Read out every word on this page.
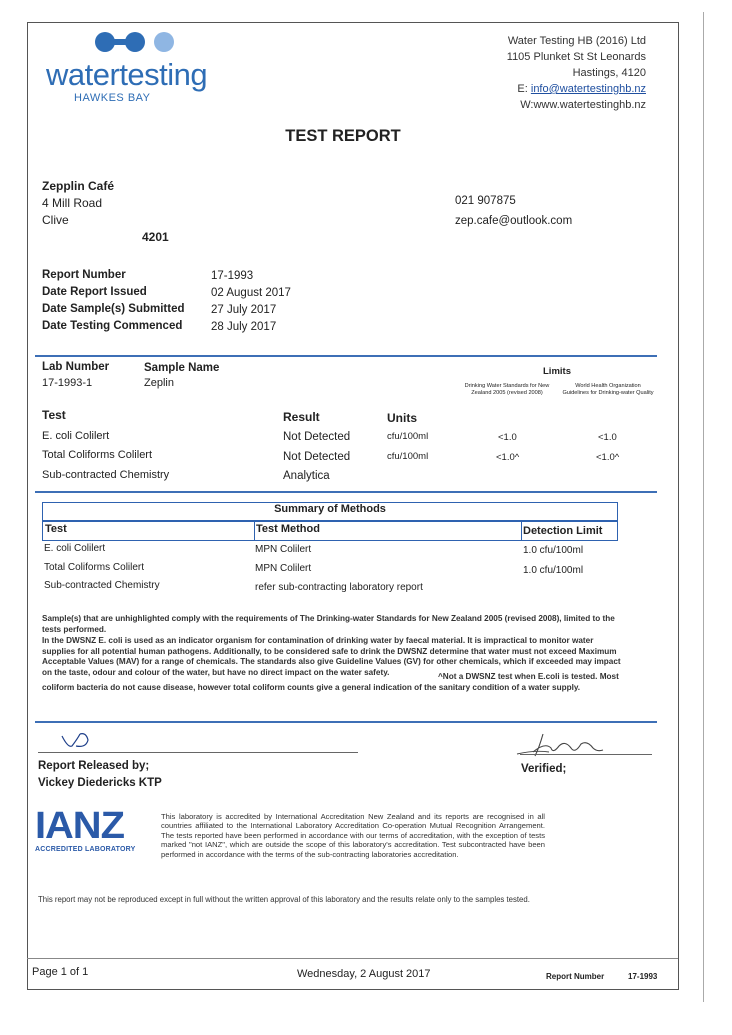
watertesting
HAWKES BAY
Water Testing HB (2016) Ltd
1105 Plunket St St Leonards
Hastings, 4120
E: info@watertestinghb.nz
W:www.watertestinghb.nz
TEST REPORT
Zepplin Café
4 Mill Road
Clive
4201
021 907875
zep.cafe@outlook.com
Report Number	17-1993
Date Report Issued	02 August 2017
Date Sample(s) Submitted 27 July 2017
Date Testing Commenced 28 July 2017
Lab Number
17-1993-1
Sample Name
Zeplin
Limits
Drinking Water Standards for New Zealand 2005 (revised 2008)
World Health Organization Guidelines for Drinking-water Quality
Test	Result	Units
E. coli Colilert	Not Detected	cfu/100ml	<1.0	<1.0
Total Coliforms Colilert	Not Detected	cfu/100ml	<1.0^	<1.0^
Sub-contracted Chemistry	Analytica
Summary of Methods
Test	Test Method	Detection Limit
E. coli Colilert	MPN Colilert	1.0 cfu/100ml
Total Coliforms Colilert	MPN Colilert	1.0 cfu/100ml
Sub-contracted Chemistry	refer sub-contracting laboratory report
Sample(s) that are unhighlighted comply with the requirements of The Drinking-water Standards for New Zealand 2005 (revised 2008), limited to the tests performed.
In the DWSNZ E. coli is used as an indicator organism for contamination of drinking water by faecal material. It is impractical to monitor water supplies for all potential human pathogens. Additionally, to be considered safe to drink the DWSNZ determine that water must not exceed Maximum Acceptable Values (MAV) for a range of chemicals. The standards also give Guideline Values (GV) for other chemicals, which if exceeded may impact on the taste, odour and colour of the water, but have no direct impact on the water safety.	^Not a DWSNZ test when E.coli is tested. Most coliform bacteria do not cause disease, however total coliform counts give a general indication of the sanitary condition of a water supply.
Report Released by;
Vickey Diedericks KTP
Verified;
IANZ
ACCREDITED LABORATORY
This laboratory is accredited by International Accreditation New Zealand and its reports are recognised in all countries affiliated to the International Laboratory Accreditation Co-operation Mutual Recognition Arrangement. The tests reported have been performed in accordance with our terms of accreditation, with the exception of tests marked "not IANZ", which are outside the scope of this laboratory's accreditation. Test subcontracted have been performed in accordance with the terms of the sub-contracting laboratories accreditation.
This report may not be reproduced except in full without the written approval of this laboratory and the results relate only to the samples tested.
Page 1 of 1	Wednesday, 2 August 2017	Report Number	17-1993
